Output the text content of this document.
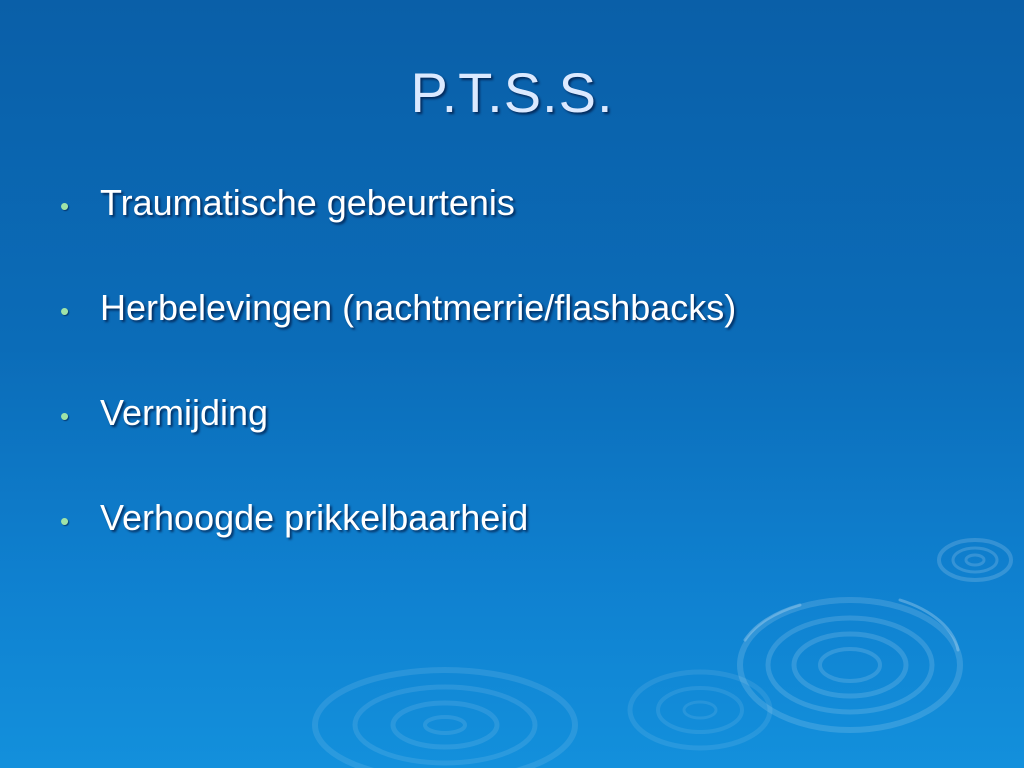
P.T.S.S.
• Traumatische gebeurtenis
• Herbelevingen (nachtmerrie/flashbacks)
• Vermijding
• Verhoogde prikkelbaarheid
